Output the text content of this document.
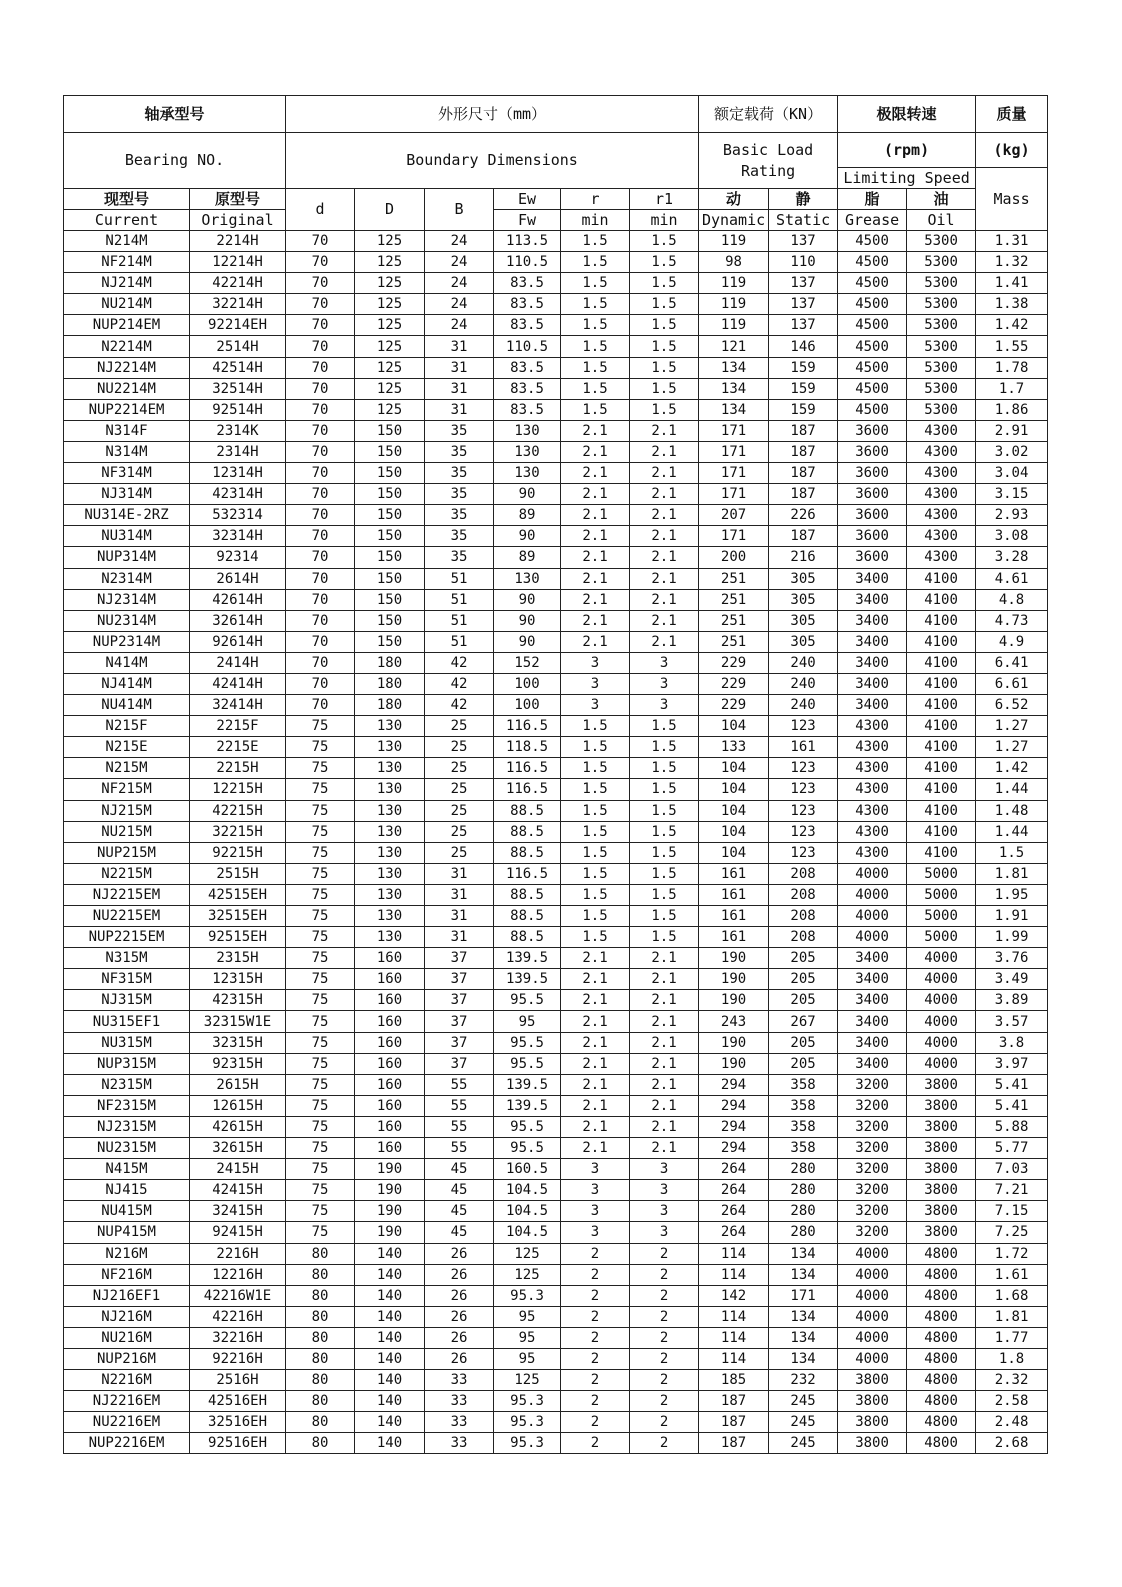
轴承型号		外形尺寸（mm）						额定载荷（KN）		极限转速		质量
Bearing NO.		Boundary Dimensions						Basic Load Rating		(rpm)		(kg)
										Limiting Speed		Mass
现型号	原型号	d	D	B	Ew	r	r1	动	静	脂	油	
Current	Original				Fw	min	min	Dynamic	Static	Grease	Oil	
N214M	2214H	70	125	24	113.5	1.5	1.5	119	137	4500	5300	1.31
NF214M	12214H	70	125	24	110.5	1.5	1.5	98	110	4500	5300	1.32
NJ214M	42214H	70	125	24	83.5	1.5	1.5	119	137	4500	5300	1.41
NU214M	32214H	70	125	24	83.5	1.5	1.5	119	137	4500	5300	1.38
NUP214EM	92214EH	70	125	24	83.5	1.5	1.5	119	137	4500	5300	1.42
N2214M	2514H	70	125	31	110.5	1.5	1.5	121	146	4500	5300	1.55
NJ2214M	42514H	70	125	31	83.5	1.5	1.5	134	159	4500	5300	1.78
NU2214M	32514H	70	125	31	83.5	1.5	1.5	134	159	4500	5300	1.7
NUP2214EM	92514H	70	125	31	83.5	1.5	1.5	134	159	4500	5300	1.86
N314F	2314K	70	150	35	130	2.1	2.1	171	187	3600	4300	2.91
N314M	2314H	70	150	35	130	2.1	2.1	171	187	3600	4300	3.02
NF314M	12314H	70	150	35	130	2.1	2.1	171	187	3600	4300	3.04
NJ314M	42314H	70	150	35	90	2.1	2.1	171	187	3600	4300	3.15
NU314E-2RZ	532314	70	150	35	89	2.1	2.1	207	226	3600	4300	2.93
NU314M	32314H	70	150	35	90	2.1	2.1	171	187	3600	4300	3.08
NUP314M	92314	70	150	35	89	2.1	2.1	200	216	3600	4300	3.28
N2314M	2614H	70	150	51	130	2.1	2.1	251	305	3400	4100	4.61
NJ2314M	42614H	70	150	51	90	2.1	2.1	251	305	3400	4100	4.8
NU2314M	32614H	70	150	51	90	2.1	2.1	251	305	3400	4100	4.73
NUP2314M	92614H	70	150	51	90	2.1	2.1	251	305	3400	4100	4.9
N414M	2414H	70	180	42	152	3	3	229	240	3400	4100	6.41
NJ414M	42414H	70	180	42	100	3	3	229	240	3400	4100	6.61
NU414M	32414H	70	180	42	100	3	3	229	240	3400	4100	6.52
N215F	2215F	75	130	25	116.5	1.5	1.5	104	123	4300	4100	1.27
N215E	2215E	75	130	25	118.5	1.5	1.5	133	161	4300	4100	1.27
N215M	2215H	75	130	25	116.5	1.5	1.5	104	123	4300	4100	1.42
NF215M	12215H	75	130	25	116.5	1.5	1.5	104	123	4300	4100	1.44
NJ215M	42215H	75	130	25	88.5	1.5	1.5	104	123	4300	4100	1.48
NU215M	32215H	75	130	25	88.5	1.5	1.5	104	123	4300	4100	1.44
NUP215M	92215H	75	130	25	88.5	1.5	1.5	104	123	4300	4100	1.5
N2215M	2515H	75	130	31	116.5	1.5	1.5	161	208	4000	5000	1.81
NJ2215EM	42515EH	75	130	31	88.5	1.5	1.5	161	208	4000	5000	1.95
NU2215EM	32515EH	75	130	31	88.5	1.5	1.5	161	208	4000	5000	1.91
NUP2215EM	92515EH	75	130	31	88.5	1.5	1.5	161	208	4000	5000	1.99
N315M	2315H	75	160	37	139.5	2.1	2.1	190	205	3400	4000	3.76
NF315M	12315H	75	160	37	139.5	2.1	2.1	190	205	3400	4000	3.49
NJ315M	42315H	75	160	37	95.5	2.1	2.1	190	205	3400	4000	3.89
NU315EF1	32315W1E	75	160	37	95	2.1	2.1	243	267	3400	4000	3.57
NU315M	32315H	75	160	37	95.5	2.1	2.1	190	205	3400	4000	3.8
NUP315M	92315H	75	160	37	95.5	2.1	2.1	190	205	3400	4000	3.97
N2315M	2615H	75	160	55	139.5	2.1	2.1	294	358	3200	3800	5.41
NF2315M	12615H	75	160	55	139.5	2.1	2.1	294	358	3200	3800	5.41
NJ2315M	42615H	75	160	55	95.5	2.1	2.1	294	358	3200	3800	5.88
NU2315M	32615H	75	160	55	95.5	2.1	2.1	294	358	3200	3800	5.77
N415M	2415H	75	190	45	160.5	3	3	264	280	3200	3800	7.03
NJ415	42415H	75	190	45	104.5	3	3	264	280	3200	3800	7.21
NU415M	32415H	75	190	45	104.5	3	3	264	280	3200	3800	7.15
NUP415M	92415H	75	190	45	104.5	3	3	264	280	3200	3800	7.25
N216M	2216H	80	140	26	125	2	2	114	134	4000	4800	1.72
NF216M	12216H	80	140	26	125	2	2	114	134	4000	4800	1.61
NJ216EF1	42216W1E	80	140	26	95.3	2	2	142	171	4000	4800	1.68
NJ216M	42216H	80	140	26	95	2	2	114	134	4000	4800	1.81
NU216M	32216H	80	140	26	95	2	2	114	134	4000	4800	1.77
NUP216M	92216H	80	140	26	95	2	2	114	134	4000	4800	1.8
N2216M	2516H	80	140	33	125	2	2	185	232	3800	4800	2.32
NJ2216EM	42516EH	80	140	33	95.3	2	2	187	245	3800	4800	2.58
NU2216EM	32516EH	80	140	33	95.3	2	2	187	245	3800	4800	2.48
NUP2216EM	92516EH	80	140	33	95.3	2	2	187	245	3800	4800	2.68
